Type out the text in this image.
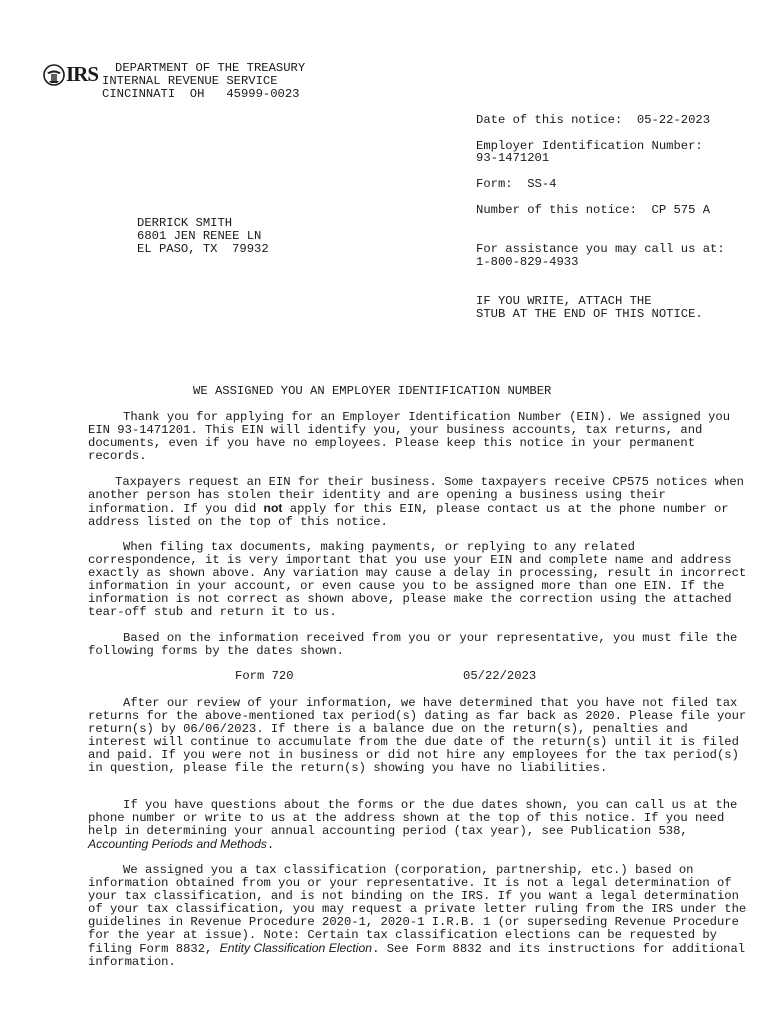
IRS DEPARTMENT OF THE TREASURY
INTERNAL REVENUE SERVICE
CINCINNATI  OH   45999-0023
Date of this notice:  05-22-2023
Employer Identification Number:
93-1471201
Form:  SS-4
Number of this notice:  CP 575 A
For assistance you may call us at:
1-800-829-4933
IF YOU WRITE, ATTACH THE
STUB AT THE END OF THIS NOTICE.
DERRICK SMITH
6801 JEN RENEE LN
EL PASO, TX  79932
WE ASSIGNED YOU AN EMPLOYER IDENTIFICATION NUMBER

Thank you for applying for an Employer Identification Number (EIN). We assigned you EIN 93-1471201. This EIN will identify you, your business accounts, tax returns, and documents, even if you have no employees. Please keep this notice in your permanent records.

Taxpayers request an EIN for their business. Some taxpayers receive CP575 notices when another person has stolen their identity and are opening a business using their information. If you did not apply for this EIN, please contact us at the phone number or address listed on the top of this notice.

When filing tax documents, making payments, or replying to any related correspondence, it is very important that you use your EIN and complete name and address exactly as shown above. Any variation may cause a delay in processing, result in incorrect information in your account, or even cause you to be assigned more than one EIN. If the information is not correct as shown above, please make the correction using the attached tear-off stub and return it to us.

Based on the information received from you or your representative, you must file the following forms by the dates shown.

Form 720	05/22/2023

After our review of your information, we have determined that you have not filed tax returns for the above-mentioned tax period(s) dating as far back as 2020. Please file your return(s) by 06/06/2023. If there is a balance due on the return(s), penalties and interest will continue to accumulate from the due date of the return(s) until it is filed and paid. If you were not in business or did not hire any employees for the tax period(s) in question, please file the return(s) showing you have no liabilities.

If you have questions about the forms or the due dates shown, you can call us at the phone number or write to us at the address shown at the top of this notice. If you need help in determining your annual accounting period (tax year), see Publication 538, Accounting Periods and Methods.

We assigned you a tax classification (corporation, partnership, etc.) based on information obtained from you or your representative. It is not a legal determination of your tax classification, and is not binding on the IRS. If you want a legal determination of your tax classification, you may request a private letter ruling from the IRS under the guidelines in Revenue Procedure 2020-1, 2020-1 I.R.B. 1 (or superseding Revenue Procedure for the year at issue). Note: Certain tax classification elections can be requested by filing Form 8832, Entity Classification Election. See Form 8832 and its instructions for additional information.
